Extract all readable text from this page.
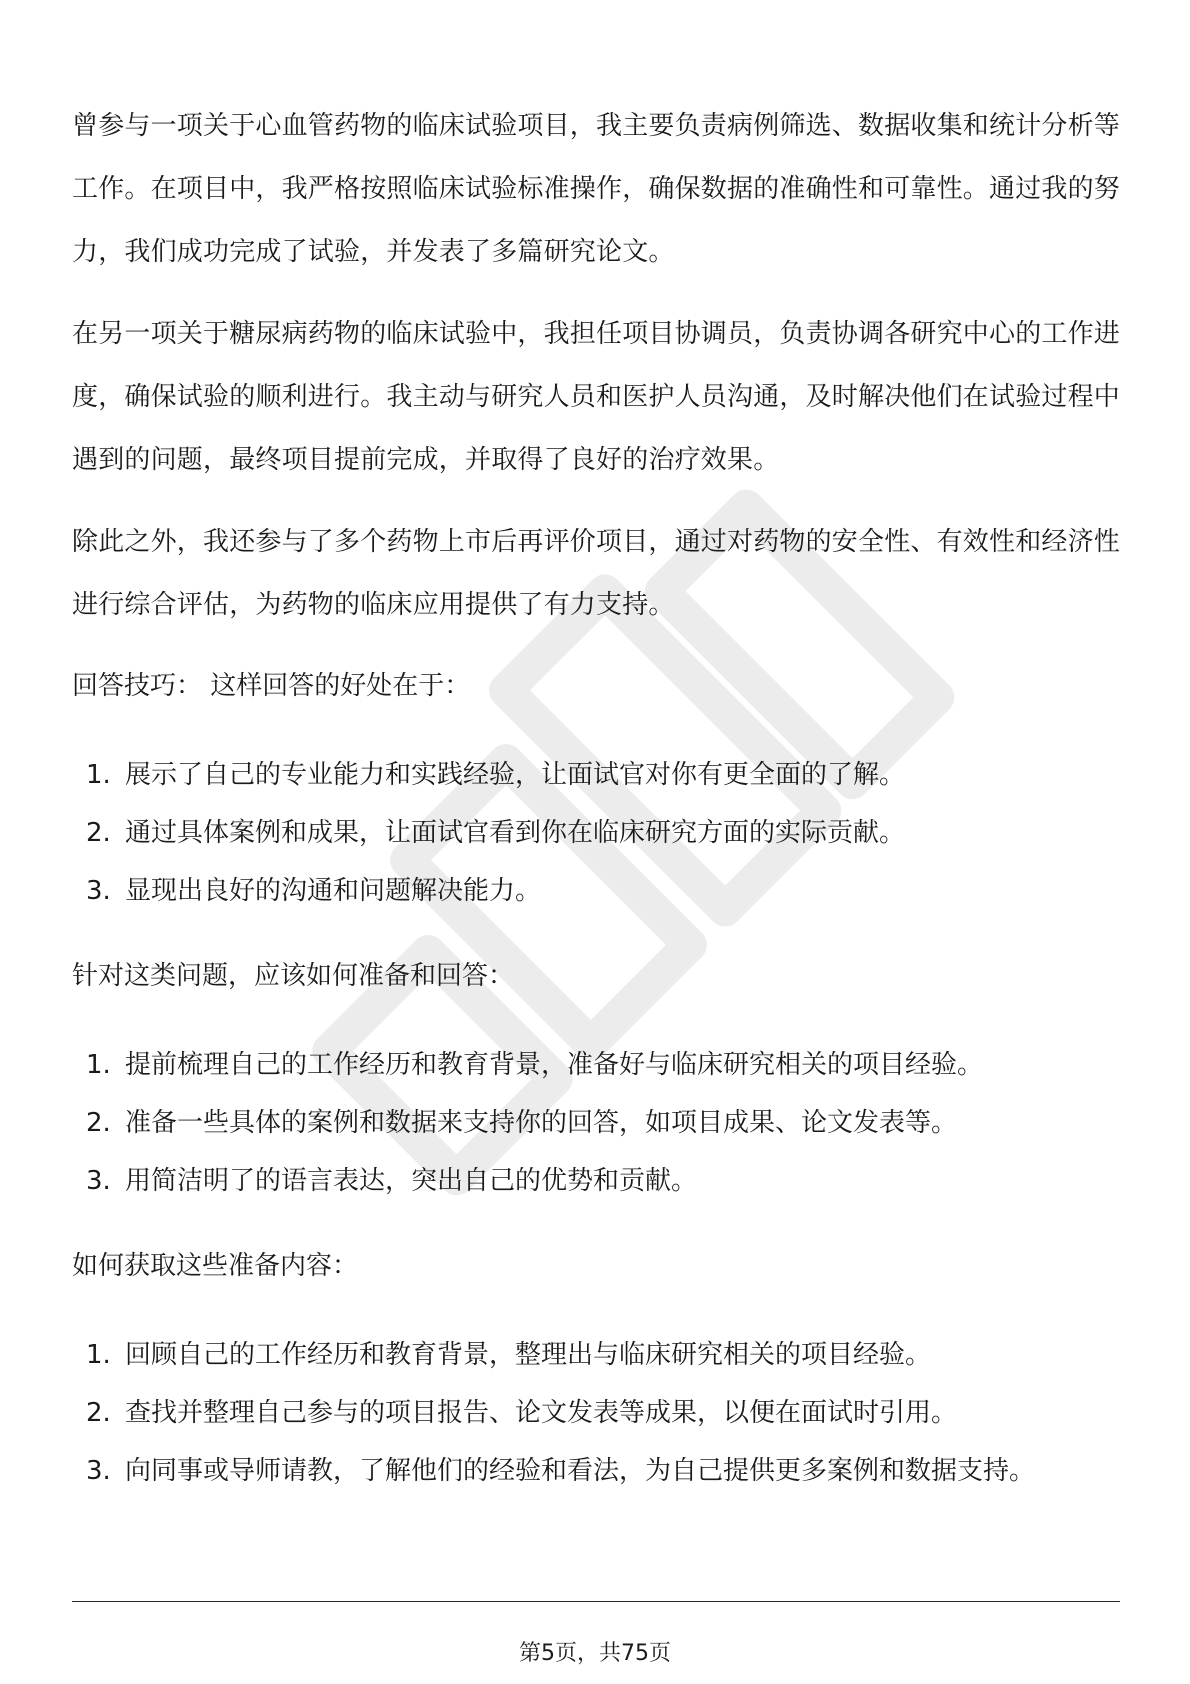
曾参与一项关于心血管药物的临床试验项目，我主要负责病例筛选、数据收集和统计分析等工作。在项目中，我严格按照临床试验标准操作，确保数据的准确性和可靠性。通过我的努力，我们成功完成了试验，并发表了多篇研究论文。

在另一项关于糖尿病药物的临床试验中，我担任项目协调员，负责协调各研究中心的工作进度，确保试验的顺利进行。我主动与研究人员和医护人员沟通，及时解决他们在试验过程中遇到的问题，最终项目提前完成，并取得了良好的治疗效果。

除此之外，我还参与了多个药物上市后再评价项目，通过对药物的安全性、有效性和经济性进行综合评估，为药物的临床应用提供了有力支持。

回答技巧： 这样回答的好处在于：
1. 展示了自己的专业能力和实践经验，让面试官对你有更全面的了解。
2. 通过具体案例和成果，让面试官看到你在临床研究方面的实际贡献。
3. 显现出良好的沟通和问题解决能力。
针对这类问题，应该如何准备和回答：
1. 提前梳理自己的工作经历和教育背景，准备好与临床研究相关的项目经验。
2. 准备一些具体的案例和数据来支持你的回答，如项目成果、论文发表等。
3. 用简洁明了的语言表达，突出自己的优势和贡献。
如何获取这些准备内容：
1. 回顾自己的工作经历和教育背景，整理出与临床研究相关的项目经验。
2. 查找并整理自己参与的项目报告、论文发表等成果，以便在面试时引用。
3. 向同事或导师请教，了解他们的经验和看法，为自己提供更多案例和数据支持。
第5页，共75页
